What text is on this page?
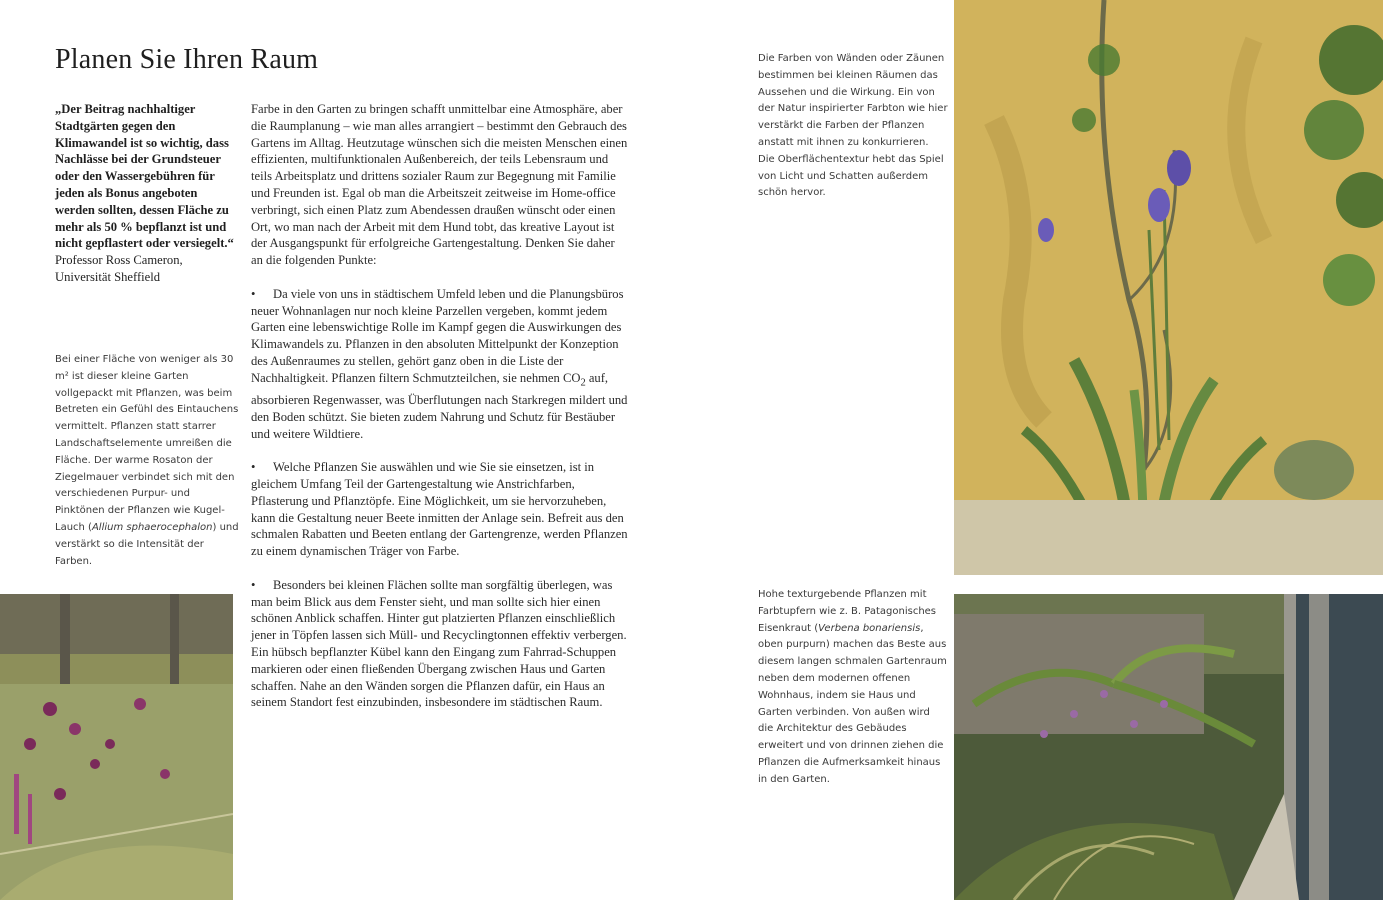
Planen Sie Ihren Raum
„Der Beitrag nachhaltiger Stadtgärten gegen den Klimawandel ist so wichtig, dass Nachlässe bei der Grundsteuer oder den Wassergebühren für jeden als Bonus angeboten werden sollten, dessen Fläche zu mehr als 50 % bepflanzt ist und nicht gepflastert oder versiegelt.“
Professor Ross Cameron,
Universität Sheffield
Bei einer Fläche von weniger als 30 m² ist dieser kleine Garten vollgepackt mit Pflanzen, was beim Betreten ein Gefühl des Eintauchens vermittelt. Pflanzen statt starrer Landschaftselemente umreißen die Fläche. Der warme Rosaton der Ziegelmauer verbindet sich mit den verschiedenen Purpur- und Pinktönen der Pflanzen wie Kugel-Lauch (Allium sphaerocephalon) und verstärkt so die Intensität der Farben.

Farbe in den Garten zu bringen schafft unmittelbar eine Atmosphäre, aber die Raumplanung – wie man alles arrangiert – bestimmt den Gebrauch des Gartens im Alltag. Heutzutage wünschen sich die meisten Menschen einen effizienten, multifunktionalen Außenbereich, der teils Lebensraum und teils Arbeitsplatz und drittens sozialer Raum zur Begegnung mit Familie und Freunden ist. Egal ob man die Arbeitszeit zeitweise im Home-office verbringt, sich einen Platz zum Abendessen draußen wünscht oder einen Ort, wo man nach der Arbeit mit dem Hund tobt, das kreative Layout ist der Ausgangspunkt für erfolgreiche Gartengestaltung. Denken Sie daher an die folgenden Punkte:

• Da viele von uns in städtischem Umfeld leben und die Planungsbüros neuer Wohnanlagen nur noch kleine Parzellen vergeben, kommt jedem Garten eine lebenswichtige Rolle im Kampf gegen die Auswirkungen des Klimawandels zu. Pflanzen in den absoluten Mittelpunkt der Konzeption des Außenraumes zu stellen, gehört ganz oben in die Liste der Nachhaltigkeit. Pflanzen filtern Schmutzteilchen, sie nehmen $CO_2$ auf, absorbieren Regenwasser, was Überflutungen nach Starkregen mildert und den Boden schützt. Sie bieten zudem Nahrung und Schutz für Bestäuber und weitere Wildtiere.

• Welche Pflanzen Sie auswählen und wie Sie sie einsetzen, ist in gleichem Umfang Teil der Gartengestaltung wie Anstrichfarben, Pflasterung und Pflanztöpfe. Eine Möglichkeit, um sie hervorzuheben, kann die Gestaltung neuer Beete inmitten der Anlage sein. Befreit aus den schmalen Rabatten und Beeten entlang der Gartengrenze, werden Pflanzen zu einem dynamischen Träger von Farbe.

• Besonders bei kleinen Flächen sollte man sorgfältig überlegen, was man beim Blick aus dem Fenster sieht, und man sollte sich hier einen schönen Anblick schaffen. Hinter gut platzierten Pflanzen einschließlich jener in Töpfen lassen sich Müll- und Recyclingtonnen effektiv verbergen. Ein hübsch bepflanzter Kübel kann den Eingang zum Fahrrad-Schuppen markieren oder einen fließenden Übergang zwischen Haus und Garten schaffen. Nahe an den Wänden sorgen die Pflanzen dafür, ein Haus an seinem Standort fest einzubinden, insbesondere im städtischen Raum.

Die Farben von Wänden oder Zäunen bestimmen bei kleinen Räumen das Aussehen und die Wirkung. Ein von der Natur inspirierter Farbton wie hier verstärkt die Farben der Pflanzen anstatt mit ihnen zu konkurrieren. Die Oberflächentextur hebt das Spiel von Licht und Schatten außerdem schön hervor.
Hohe texturgebende Pflanzen mit Farbtupfern wie z. B. Patagonisches Eisenkraut (Verbena bonariensis, oben purpurn) machen das Beste aus diesem langen schmalen Gartenraum neben dem modernen offenen Wohnhaus, indem sie Haus und Garten verbinden. Von außen wird die Architektur des Gebäudes erweitert und von drinnen ziehen die Pflanzen die Aufmerksamkeit hinaus in den Garten.
